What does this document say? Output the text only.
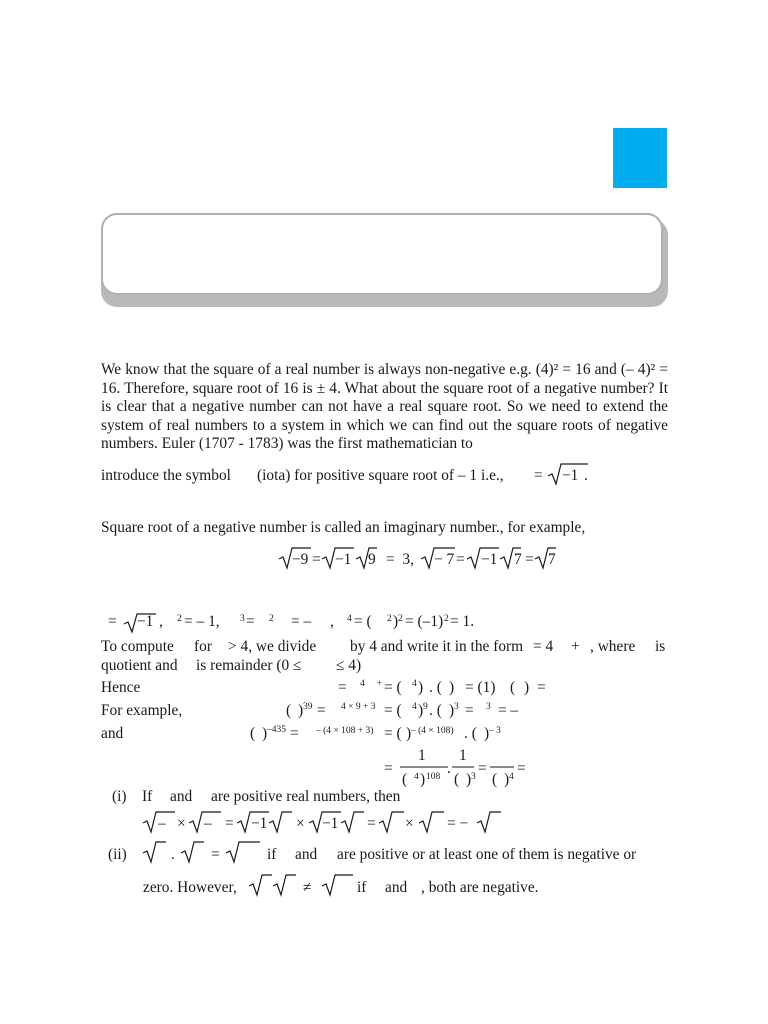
We know that the square of a real number is always non-negative e.g. (4)² = 16 and (– 4)² = 16. Therefore, square root of 16 is ± 4. What about the square root of a negative number? It is clear that a negative number can not have a real square root. So we need to extend the system of real numbers to a system in which we can find out the square roots of negative numbers. Euler (1707 - 1783) was the first mathematician to

introduce the symbol (iota) for positive square root of – 1 i.e., = −1 .
Square root of a negative number is called an imaginary number., for example,
−9 = −1 9 =  3, − 7 = −1 7 = 7
= −1 , 2 = – 1, 3 = 2 = – , 4 = ( 2 ) 2 = (–1) 2 = 1.
To compute for > 4, we divide by 4 and write it in the form = 4 + , where is
quotient and is remainder (0 ≤ ≤ 4)
Hence	= 4     + = ( 4 ) . ( ) = (1) ( ) =
For example,	( ) 39 = 4 × 9 + 3 = ( 4 ) 9 . ( ) 3 = 3 = –
and	( ) –435 = – (4 × 108 + 3) = ( ) – (4 × 108) . ( ) – 3
=
1
( 4 ) 108 .
1
( ) 3 =
( ) 4 =
(i) If and are positive real numbers, then
– × – = −1 × −1 = × = −
(ii)	. =	if and are positive or at least one of them is negative or
zero. However,	≠	if and , both are negative.
